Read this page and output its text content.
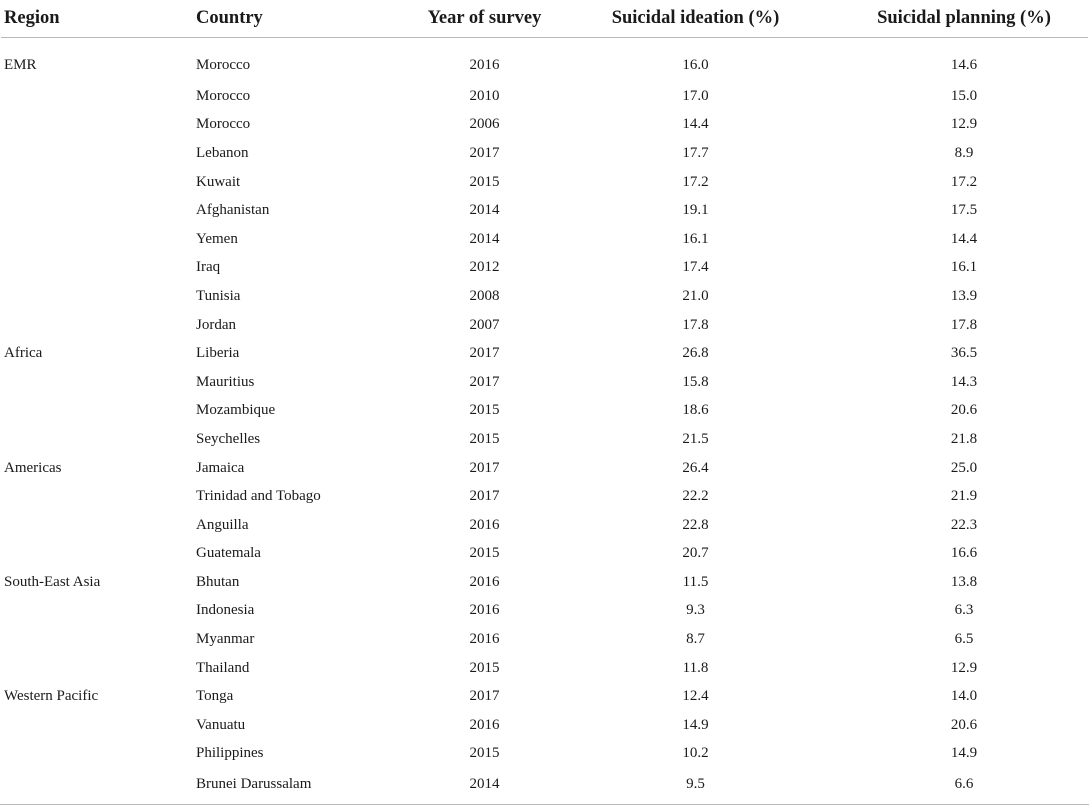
Region	Country	Year of survey	Suicidal ideation (%)	Suicidal planning (%)
EMR	Morocco	2016	16.0	14.6
	Morocco	2010	17.0	15.0
	Morocco	2006	14.4	12.9
	Lebanon	2017	17.7	8.9
	Kuwait	2015	17.2	17.2
	Afghanistan	2014	19.1	17.5
	Yemen	2014	16.1	14.4
	Iraq	2012	17.4	16.1
	Tunisia	2008	21.0	13.9
	Jordan	2007	17.8	17.8
Africa	Liberia	2017	26.8	36.5
	Mauritius	2017	15.8	14.3
	Mozambique	2015	18.6	20.6
	Seychelles	2015	21.5	21.8
Americas	Jamaica	2017	26.4	25.0
	Trinidad and Tobago	2017	22.2	21.9
	Anguilla	2016	22.8	22.3
	Guatemala	2015	20.7	16.6
South-East Asia	Bhutan	2016	11.5	13.8
	Indonesia	2016	9.3	6.3
	Myanmar	2016	8.7	6.5
	Thailand	2015	11.8	12.9
Western Pacific	Tonga	2017	12.4	14.0
	Vanuatu	2016	14.9	20.6
	Philippines	2015	10.2	14.9
	Brunei Darussalam	2014	9.5	6.6
